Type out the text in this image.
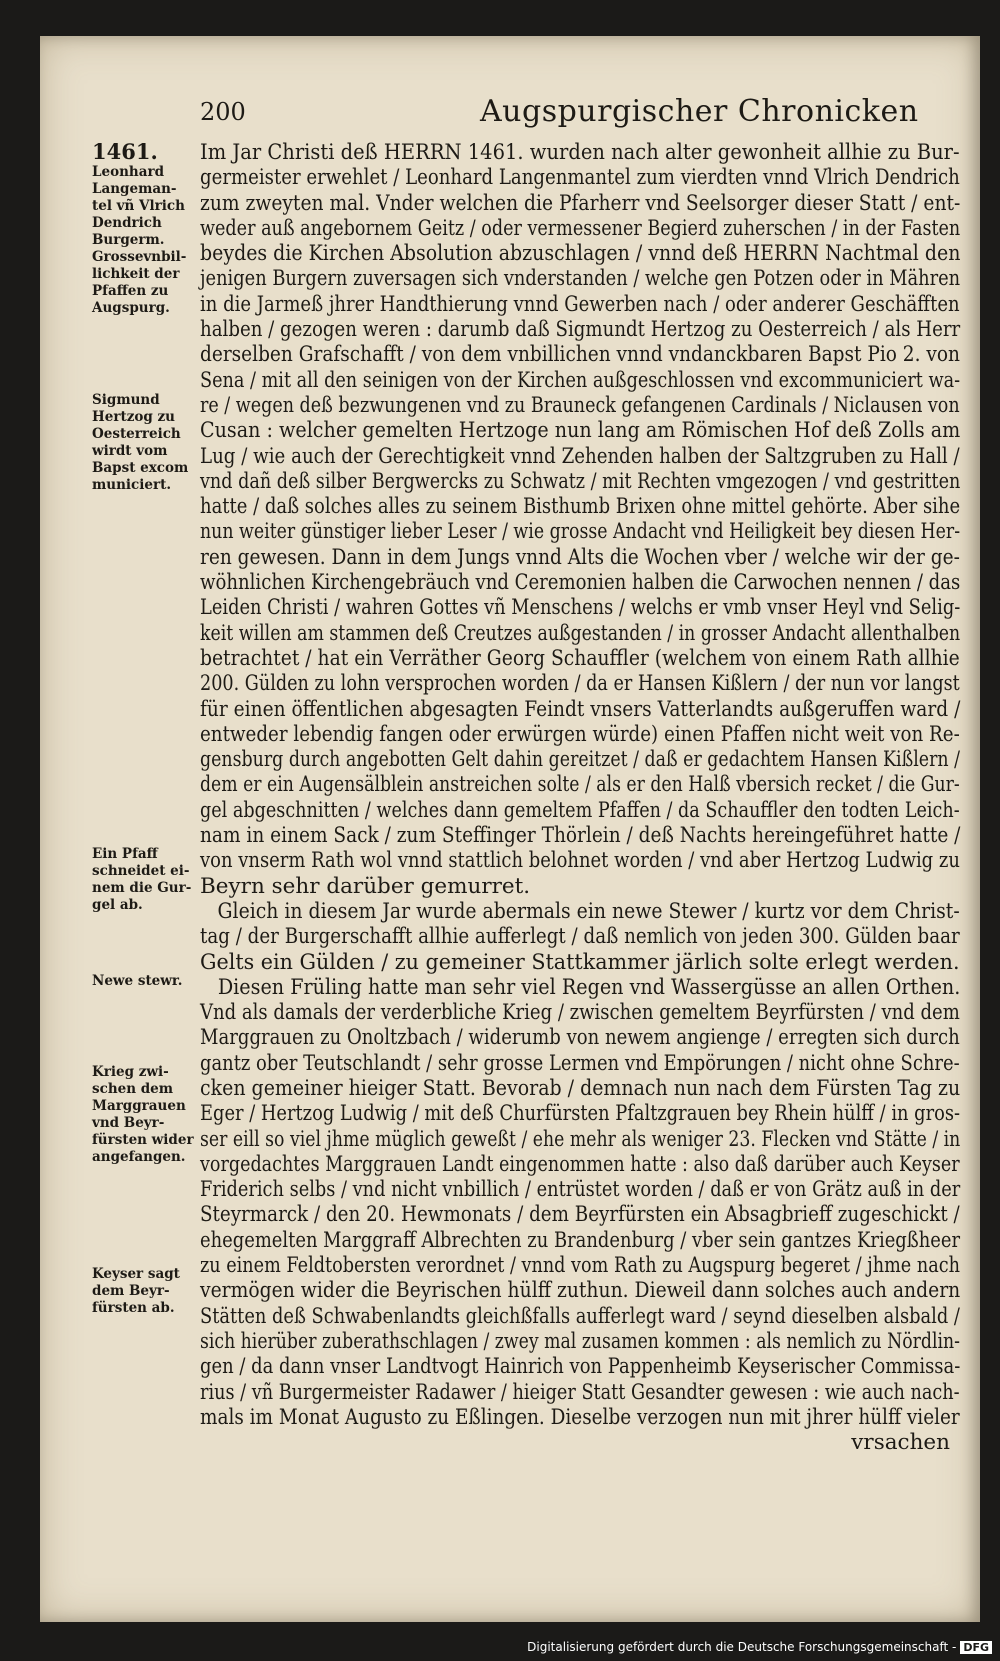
200	Augspurgischer Chronicken
1461.
Leonhard
Langeman-
tel vñ Vlrich
Dendrich
Burgerm.
Grossevnbil-
lichkeit der
Pfaffen zu
Augspurg.
Sigmund
Hertzog zu
Oesterreich
wirdt vom
Bapst excom
municiert.
Ein Pfaff
schneidet ei-
nem die Gur-
gel ab.
Newe stewr.
Krieg zwi-
schen dem
Marggrauen
vnd Beyr-
fürsten wider
angefangen.
Keyser sagt
dem Beyr-
fürsten ab.
Im Jar Christi deß HERRN 1461. wurden nach alter gewonheit allhie zu Bur-
germeister erwehlet / Leonhard Langenmantel zum vierdten vnnd Vlrich Dendrich
zum zweyten mal. Vnder welchen die Pfarherr vnd Seelsorger dieser Statt / ent-
weder auß angebornem Geitz / oder vermessener Begierd zuherschen / in der Fasten
beydes die Kirchen Absolution abzuschlagen / vnnd deß HERRN Nachtmal den
jenigen Burgern zuversagen sich vnderstanden / welche gen Potzen oder in Mähren
in die Jarmeß jhrer Handthierung vnnd Gewerben nach / oder anderer Geschäfften
halben / gezogen weren : darumb daß Sigmundt Hertzog zu Oesterreich / als Herr
derselben Grafschafft / von dem vnbillichen vnnd vndanckbaren Bapst Pio 2. von
Sena / mit all den seinigen von der Kirchen außgeschlossen vnd excommuniciert wa-
re / wegen deß bezwungenen vnd zu Brauneck gefangenen Cardinals / Niclausen von
Cusan : welcher gemelten Hertzoge nun lang am Römischen Hof deß Zolls am
Lug / wie auch der Gerechtigkeit vnnd Zehenden halben der Saltzgruben zu Hall /
vnd dañ deß silber Bergwercks zu Schwatz / mit Rechten vmgezogen / vnd gestritten
hatte / daß solches alles zu seinem Bisthumb Brixen ohne mittel gehörte. Aber sihe
nun weiter günstiger lieber Leser / wie grosse Andacht vnd Heiligkeit bey diesen Her-
ren gewesen. Dann in dem Jungs vnnd Alts die Wochen vber / welche wir der ge-
wöhnlichen Kirchengebräuch vnd Ceremonien halben die Carwochen nennen / das
Leiden Christi / wahren Gottes vñ Menschens / welchs er vmb vnser Heyl vnd Selig-
keit willen am stammen deß Creutzes außgestanden / in grosser Andacht allenthalben
betrachtet / hat ein Verräther Georg Schauffler (welchem von einem Rath allhie
200. Gülden zu lohn versprochen worden / da er Hansen Kißlern / der nun vor langst
für einen öffentlichen abgesagten Feindt vnsers Vatterlandts außgeruffen ward /
entweder lebendig fangen oder erwürgen würde) einen Pfaffen nicht weit von Re-
gensburg durch angebotten Gelt dahin gereitzet / daß er gedachtem Hansen Kißlern /
dem er ein Augensälblein anstreichen solte / als er den Halß vbersich recket / die Gur-
gel abgeschnitten / welches dann gemeltem Pfaffen / da Schauffler den todten Leich-
nam in einem Sack / zum Steffinger Thörlein / deß Nachts hereingeführet hatte /
von vnserm Rath wol vnnd stattlich belohnet worden / vnd aber Hertzog Ludwig zu
Beyrn sehr darüber gemurret.
Gleich in diesem Jar wurde abermals ein newe Stewer / kurtz vor dem Christ-
tag / der Burgerschafft allhie aufferlegt / daß nemlich von jeden 300. Gülden baar
Gelts ein Gülden / zu gemeiner Stattkammer järlich solte erlegt werden.
Diesen Früling hatte man sehr viel Regen vnd Wassergüsse an allen Orthen.
Vnd als damals der verderbliche Krieg / zwischen gemeltem Beyrfürsten / vnd dem
Marggrauen zu Onoltzbach / widerumb von newem angienge / erregten sich durch
gantz ober Teutschlandt / sehr grosse Lermen vnd Empörungen / nicht ohne Schre-
cken gemeiner hieiger Statt. Bevorab / demnach nun nach dem Fürsten Tag zu
Eger / Hertzog Ludwig / mit deß Churfürsten Pfaltzgrauen bey Rhein hülff / in gros-
ser eill so viel jhme müglich geweßt / ehe mehr als weniger 23. Flecken vnd Stätte / in
vorgedachtes Marggrauen Landt eingenommen hatte : also daß darüber auch Keyser
Friderich selbs / vnd nicht vnbillich / entrüstet worden / daß er von Grätz auß in der
Steyrmarck / den 20. Hewmonats / dem Beyrfürsten ein Absagbrieff zugeschickt /
ehegemelten Marggraff Albrechten zu Brandenburg / vber sein gantzes Kriegßheer
zu einem Feldtobersten verordnet / vnnd vom Rath zu Augspurg begeret / jhme nach
vermögen wider die Beyrischen hülff zuthun. Dieweil dann solches auch andern
Stätten deß Schwabenlandts gleichßfalls aufferlegt ward / seynd dieselben alsbald /
sich hierüber zuberathschlagen / zwey mal zusamen kommen : als nemlich zu Nördlin-
gen / da dann vnser Landtvogt Hainrich von Pappenheimb Keyserischer Commissa-
rius / vñ Burgermeister Radawer / hieiger Statt Gesandter gewesen : wie auch nach-
mals im Monat Augusto zu Eßlingen. Dieselbe verzogen nun mit jhrer hülff vieler
vrsachen
Digitalisierung gefördert durch die Deutsche Forschungsgemeinschaft - DFG
